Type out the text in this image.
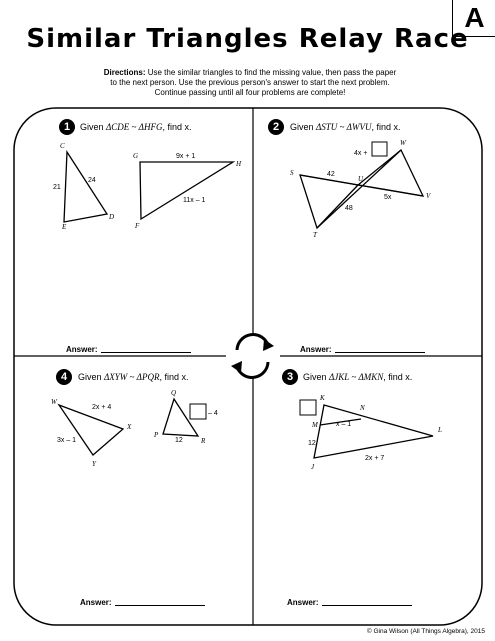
A
Similar Triangles Relay Race
Directions: Use the similar triangles to find the missing value, then pass the paper
to the next person. Use the previous person's answer to start the next problem.
Continue passing until all four problems are complete!
1	Given ΔCDE ~ ΔHFG, find x.
C
D
E
G
H
F
21
24
9x + 1
11x – 1
Answer:
2	Given ΔSTU ~ ΔWVU, find x.
S
T
U
W
V
4x +
42
48
5x
Answer:
4	Given ΔXYW ~ ΔPQR, find x.
W
X
Y
Q
P
R
2x + 4
3x – 1	12
– 4
Answer:
3	Given ΔJKL ~ ΔMKN, find x.
K
N
M
L
J
x – 1
12
2x + 7
Answer:
© Gina Wilson (All Things Algebra), 2015
